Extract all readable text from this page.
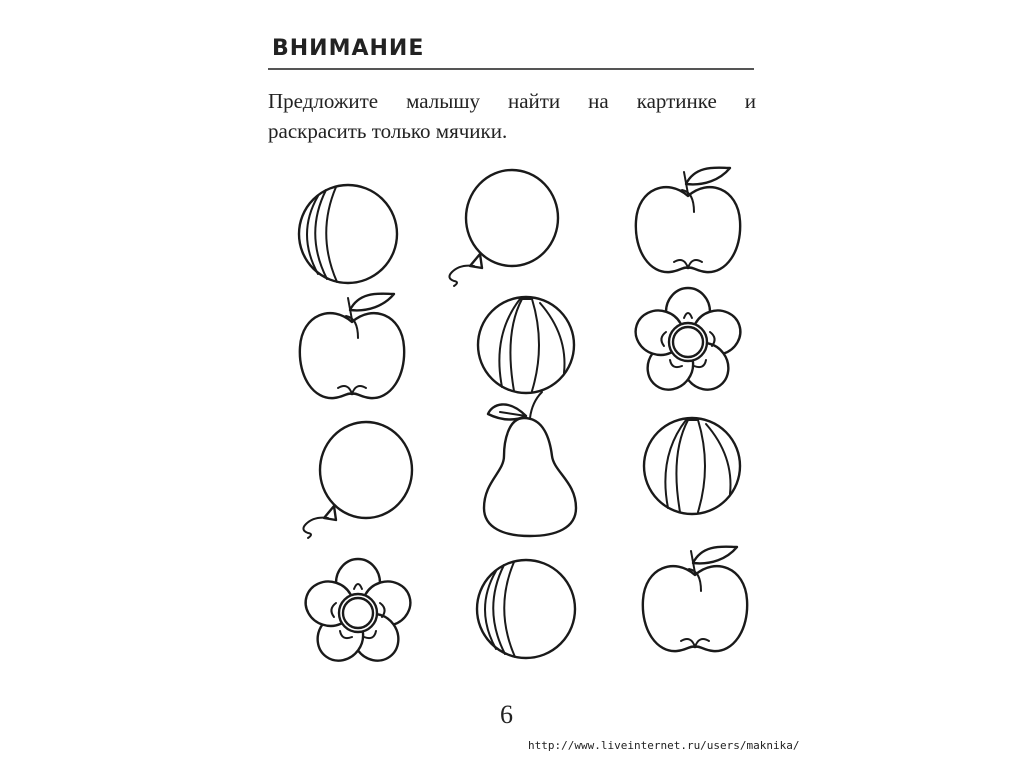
ВНИМАНИЕ
Предложите малышу найти на картинке и
раскрасить только мячики.
6
http://www.liveinternet.ru/users/maknika/
